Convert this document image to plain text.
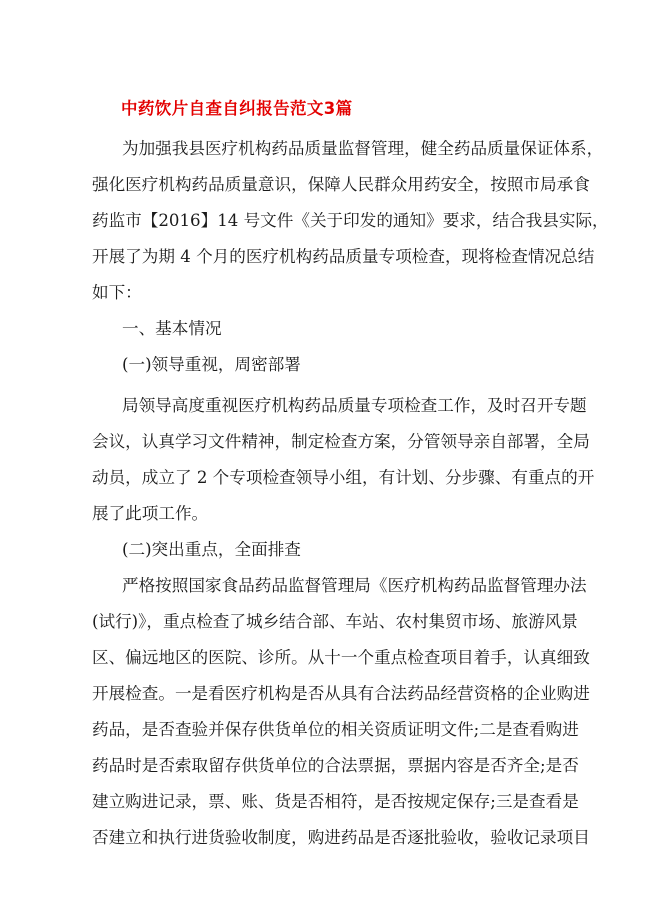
中药饮片自查自纠报告范文3篇
为加强我县医疗机构药品质量监督管理，健全药品质量保证体系，
强化医疗机构药品质量意识，保障人民群众用药安全，按照市局承食
药监市【2016】14 号文件《关于印发的通知》要求，结合我县实际，
开展了为期 4 个月的医疗机构药品质量专项检查，现将检查情况总结
如下：
一、基本情况
(一)领导重视，周密部署
局领导高度重视医疗机构药品质量专项检查工作，及时召开专题
会议，认真学习文件精神，制定检查方案，分管领导亲自部署，全局
动员，成立了 2 个专项检查领导小组，有计划、分步骤、有重点的开
展了此项工作。
(二)突出重点，全面排查
严格按照国家食品药品监督管理局《医疗机构药品监督管理办法
(试行)》，重点检查了城乡结合部、车站、农村集贸市场、旅游风景
区、偏远地区的医院、诊所。从十一个重点检查项目着手，认真细致
开展检查。一是看医疗机构是否从具有合法药品经营资格的企业购进
药品，是否查验并保存供货单位的相关资质证明文件;二是查看购进
药品时是否索取留存供货单位的合法票据，票据内容是否齐全;是否
建立购进记录，票、账、货是否相符，是否按规定保存;三是查看是
否建立和执行进货验收制度，购进药品是否逐批验收，验收记录项目
